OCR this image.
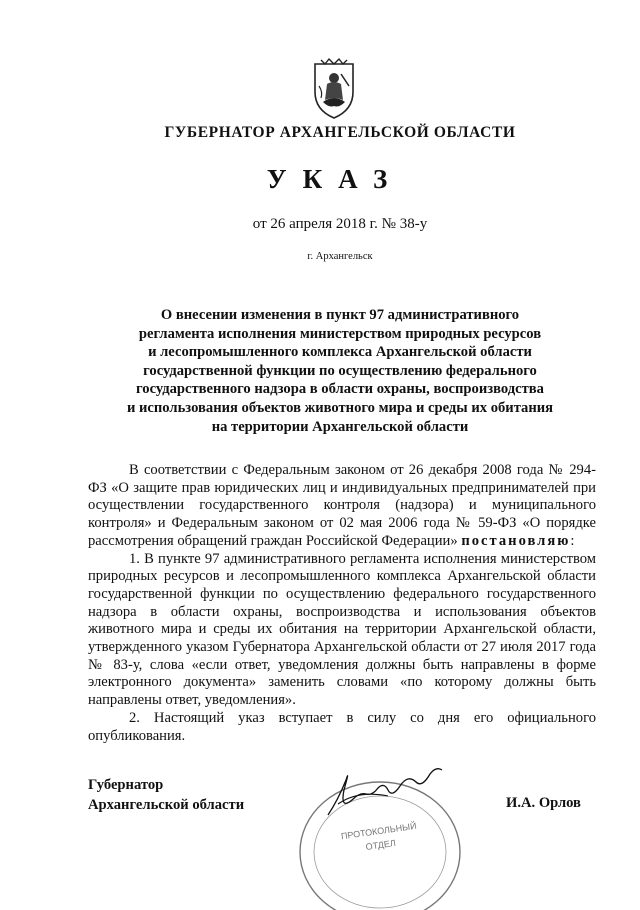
ГУБЕРНАТОР АРХАНГЕЛЬСКОЙ ОБЛАСТИ
УКАЗ
от 26 апреля 2018 г. № 38-у
г. Архангельск
О внесении изменения в пункт 97 административного
регламента исполнения министерством природных ресурсов
и лесопромышленного комплекса Архангельской области
государственной функции по осуществлению федерального
государственного надзора в области охраны, воспроизводства
и использования объектов животного мира и среды их обитания
на территории Архангельской области

В соответствии с Федеральным законом от 26 декабря 2008 года № 294-ФЗ «О защите прав юридических лиц и индивидуальных предпринимателей при осуществлении государственного контроля (надзора) и муниципального контроля» и Федеральным законом от 02 мая 2006 года № 59-ФЗ «О порядке рассмотрения обращений граждан Российской Федерации» постановляю:

1. В пункте 97 административного регламента исполнения министерством природных ресурсов и лесопромышленного комплекса Архангельской области государственной функции по осуществлению федерального государственного надзора в области охраны, воспроизводства и использования объектов животного мира и среды их обитания на территории Архангельской области, утвержденного указом Губернатора Архангельской области от 27 июля 2017 года № 83-у, слова «если ответ, уведомления должны быть направлены в форме электронного документа» заменить словами «по которому должны быть направлены ответ, уведомления».

2. Настоящий указ вступает в силу со дня его официального опубликования.

Губернатор
Архангельской области	И.А. Орлов
ПРОТОКОЛЬНЫЙ
ОТДЕЛ
